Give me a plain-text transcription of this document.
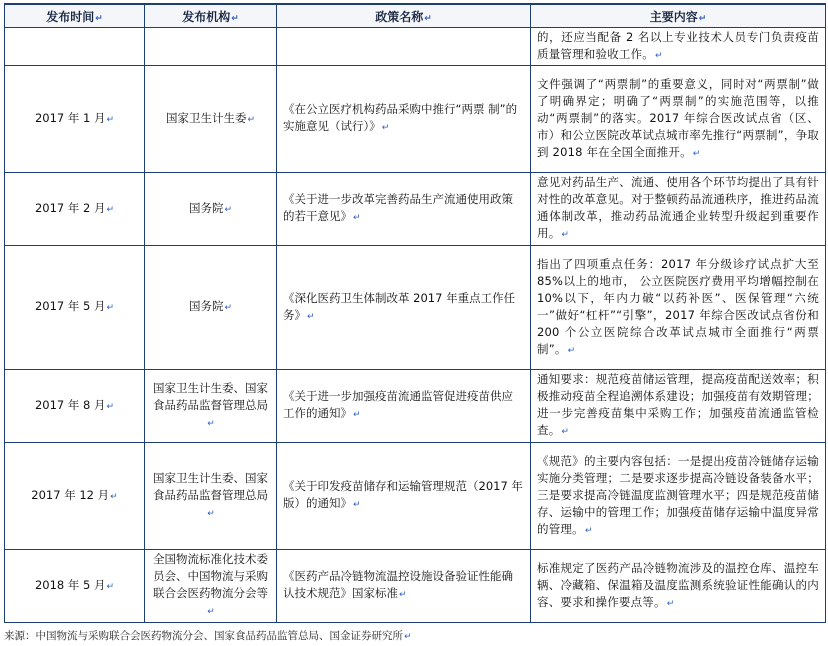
发布时间↵	发布机构↵	政策名称↵	主要内容↵
			的，还应当配备 2 名以上专业技术人员专门负责疫苗质量管理和验收工作。↵
2017 年 1 月↵	国家卫生计生委↵	《在公立医疗机构药品采购中推行“两票 制”的实施意见（试行）》↵	文件强调了“两票制”的重要意义，同时对“两票制”做了明确界定；明确了“两票制”的实施范围等，以推动“两票制”的落实。2017 年综合医改试点省（区、市）和公立医院改革试点城市率先推行“两票制”，争取到 2018 年在全国全面推开。↵
2017 年 2 月↵	国务院↵	《关于进一步改革完善药品生产流通使用政策的若干意见》↵	意见对药品生产、流通、使用各个环节均提出了具有针对性的改革意见。对于整顿药品流通秩序，推进药品流通体制改革，推动药品流通企业转型升级起到重要作用。↵
2017 年 5 月↵	国务院↵	《深化医药卫生体制改革 2017 年重点工作任务》↵	指出了四项重点任务：2017 年分级诊疗试点扩大至 85%以上的地市， 公立医院医疗费用平均增幅控制在 10%以下，年内力破“以药补医”、医保管理“六统一”做好“杠杆”“引擎”，2017 年综合医改试点省份和 200 个公立医院综合改革试点城市全面推行“两票制”。↵
2017 年 8 月↵	国家卫生计生委、国家食品药品监督管理总局↵	《关于进一步加强疫苗流通监管促进疫苗供应工作的通知》↵	通知要求：规范疫苗储运管理，提高疫苗配送效率；积极推动疫苗全程追溯体系建设；加强疫苗有效期管理；进一步完善疫苗集中采购工作；加强疫苗流通监管检查。↵
2017 年 12 月↵	国家卫生计生委、国家食品药品监督管理总局↵	《关于印发疫苗储存和运输管理规范（2017 年版）的通知》↵	《规范》的主要内容包括：一是提出疫苗冷链储存运输实施分类管理；二是要求逐步提高冷链设备装备水平；三是要求提高冷链温度监测管理水平；四是规范疫苗储存、运输中的管理工作；加强疫苗储存运输中温度异常的管理。↵
2018 年 5 月↵	全国物流标准化技术委员会、中国物流与采购联合会医药物流分会等↵	《医药产品冷链物流温控设施设备验证性能确认技术规范》国家标准↵	标准规定了医药产品冷链物流涉及的温控仓库、温控车辆、冷藏箱、保温箱及温度监测系统验证性能确认的内容、要求和操作要点等。↵
来源：中国物流与采购联合会医药物流分会、国家食品药品监管总局、国金证券研究所↵
